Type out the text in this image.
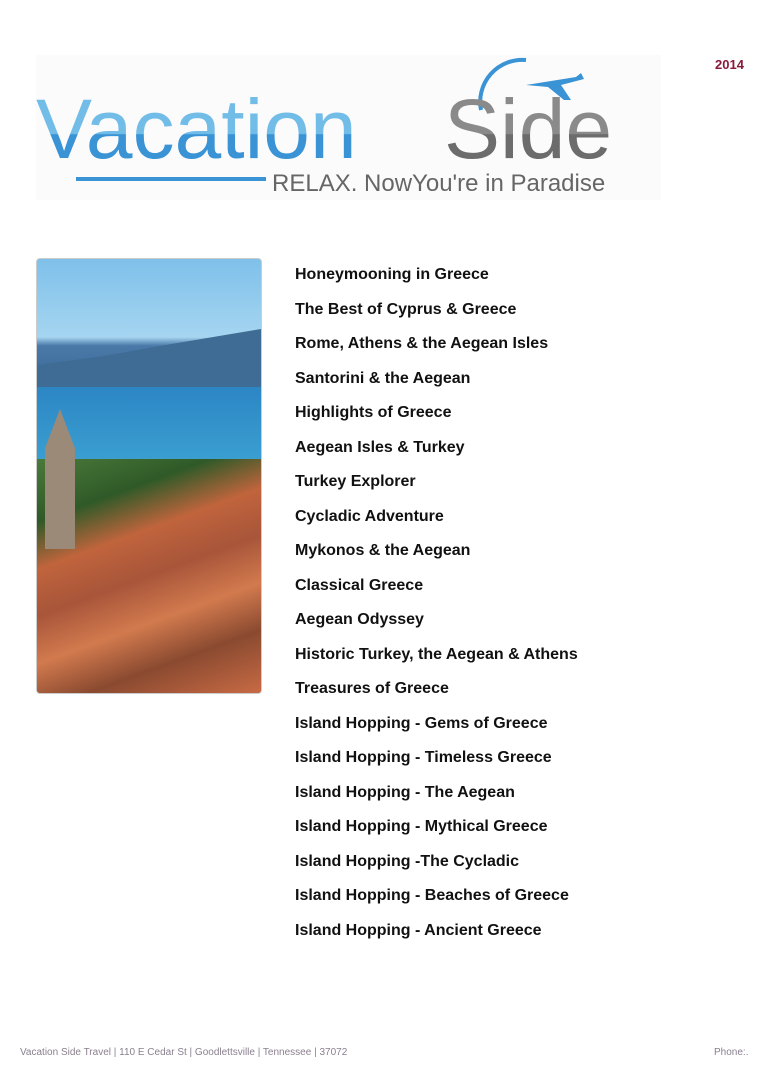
2014
Vacation Side
RELAX. NowYou're in Paradise
Honeymooning in Greece
The Best of Cyprus & Greece
Rome, Athens & the Aegean Isles
Santorini & the Aegean
Highlights of Greece
Aegean Isles & Turkey
Turkey Explorer
Cycladic Adventure
Mykonos & the Aegean
Classical Greece
Aegean Odyssey
Historic Turkey, the Aegean & Athens
Treasures of Greece
Island Hopping - Gems of Greece
Island Hopping - Timeless Greece
Island Hopping - The Aegean
Island Hopping - Mythical Greece
Island Hopping -The Cycladic
Island Hopping - Beaches of Greece
Island Hopping - Ancient Greece
Vacation Side Travel | 110 E Cedar St | Goodlettsville | Tennessee | 37072	Phone:.
